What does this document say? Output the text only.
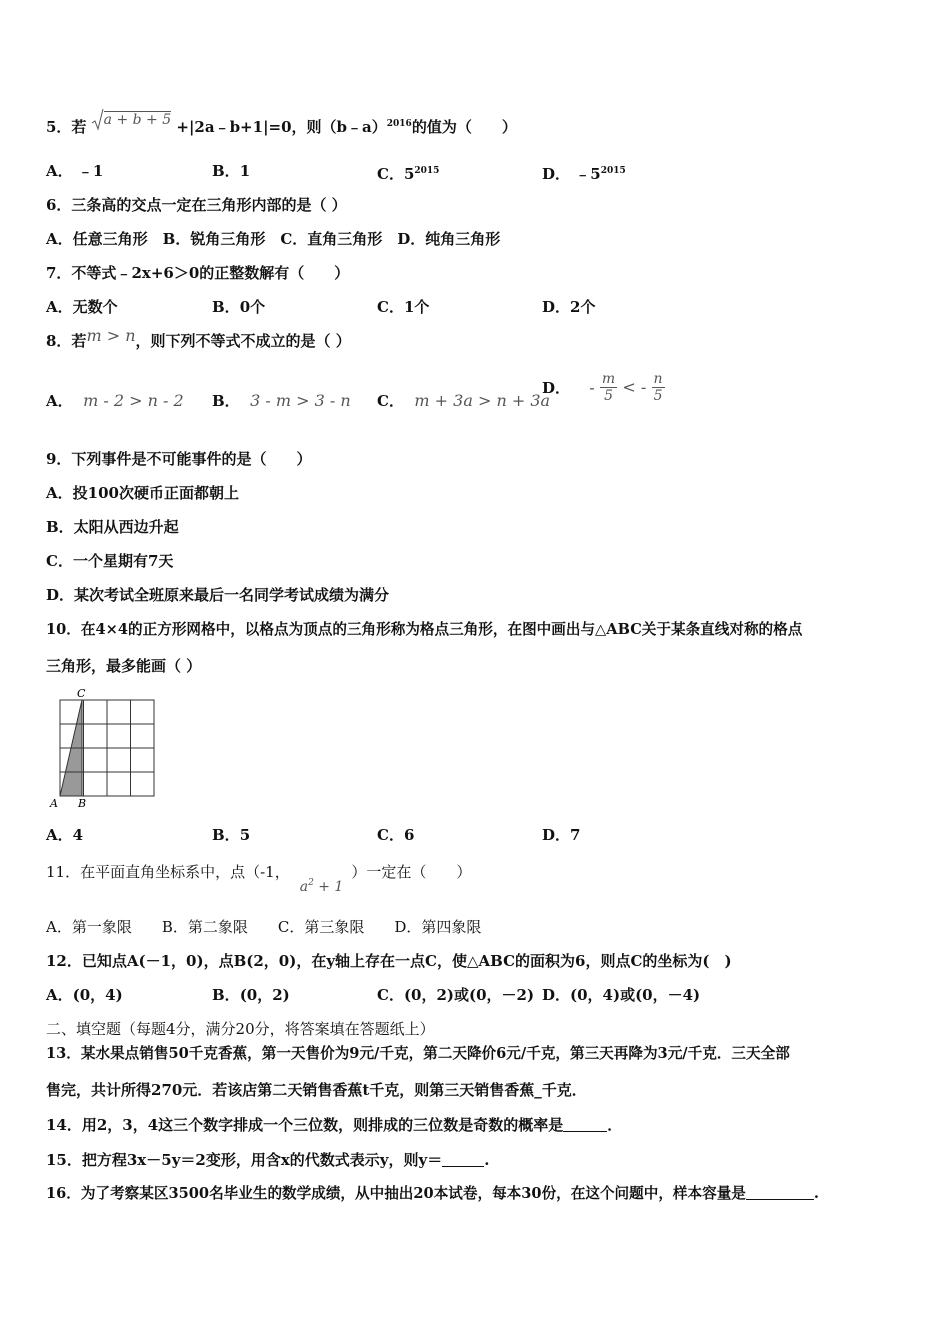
5．若 a + b + 5 +|2a﹣b+1|=0，则（b﹣a）$^{2016}$的值为（　　）
A． ﹣1	B．1	C．$5^{2015}$	D． $﹣5^{2015}$
6．三条高的交点一定在三角形内部的是（ ）
A．任意三角形　B．锐角三角形　C．直角三角形　D．纯角三角形
7．不等式﹣2x+6＞0的正整数解有（　　）
A．无数个	B．0个	C．1个	D．2个
8．若m > n，则下列不等式不成立的是（ ）
A． m - 2 > n - 2 B． 3 - m > 3 - n C． m + 3a > n + 3a
D． - $\frac{m}{5}$ < - $\frac{n}{5}$
9．下列事件是不可能事件的是（　　）
A．投100次硬币正面都朝上
B．太阳从西边升起
C．一个星期有7天
D．某次考试全班原来最后一名同学考试成绩为满分
10．在4×4的正方形网格中，以格点为顶点的三角形称为格点三角形，在图中画出与△ABC关于某条直线对称的格点
三角形，最多能画（ ）
C
A B
A．4	B．5	C．6	D．7
11．在平面直角坐标系中，点（-1，$a^2 + 1$）一定在（　　）
A．第一象限　　B．第二象限　　C．第三象限　　D．第四象限
12．已知点A(－1，0)，点B(2，0)，在y轴上存在一点C，使△ABC的面积为6，则点C的坐标为(　)
A．(0，4)	B．(0，2)	C．(0，2)或(0，－2) D．(0，4)或(0，－4)
二、填空题（每题4分，满分20分，将答案填在答题纸上）
13．某水果点销售50千克香蕉，第一天售价为9元/千克，第二天降价6元/千克，第三天再降为3元/千克．三天全部
售完，共计所得270元．若该店第二天销售香蕉t千克，则第三天销售香蕉_千克．
14．用2，3，4这三个数字排成一个三位数，则排成的三位数是奇数的概率是	．
15．把方程3x－5y＝2变形，用含x的代数式表示y，则y＝	.
16．为了考察某区3500名毕业生的数学成绩，从中抽出20本试卷，每本30份，在这个问题中，样本容量是	.
